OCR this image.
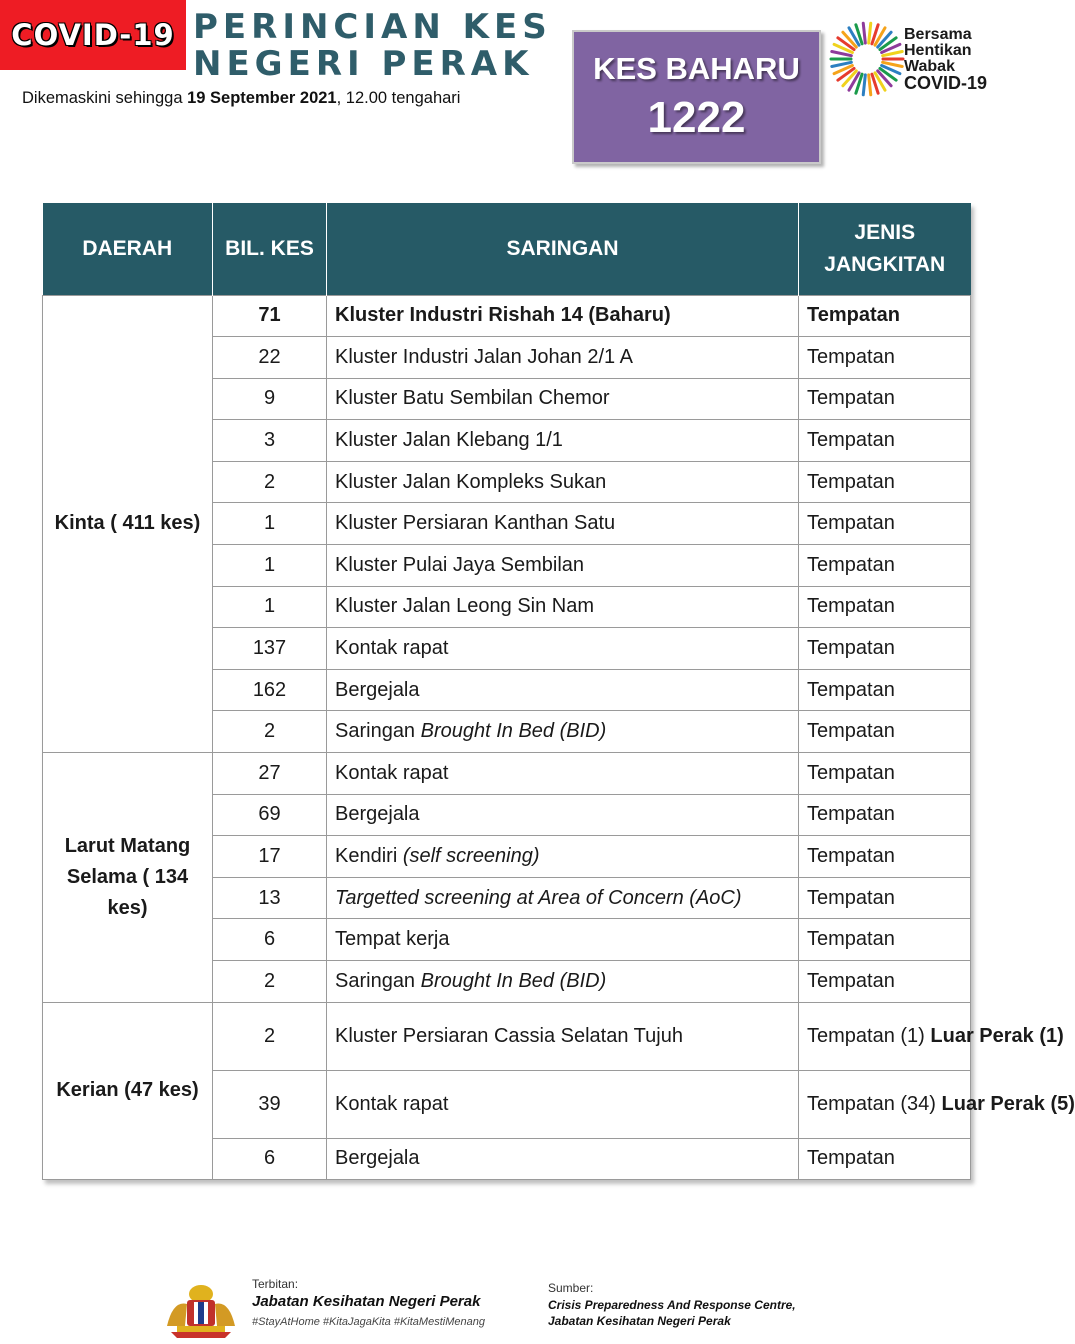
COVID-19 PERINCIAN KES
NEGERI PERAK
Dikemaskini sehingga 19 September 2021, 12.00 tengahari
KES BAHARU
1222
Bersama
Hentikan
Wabak
COVID-19
DAERAH	BIL. KES	SARINGAN	JENIS
JANGKITAN
Kinta ( 411 kes)	71	Kluster Industri Rishah 14 (Baharu)	Tempatan
	22	Kluster Industri Jalan Johan 2/1 A	Tempatan
	9	Kluster Batu Sembilan Chemor	Tempatan
	3	Kluster Jalan Klebang 1/1	Tempatan
	2	Kluster Jalan Kompleks Sukan	Tempatan
	1	Kluster Persiaran Kanthan Satu	Tempatan
	1	Kluster Pulai Jaya Sembilan	Tempatan
	1	Kluster Jalan Leong Sin Nam	Tempatan
	137	Kontak rapat	Tempatan
	162	Bergejala	Tempatan
	2	Saringan Brought In Bed (BID)	Tempatan
Larut Matang Selama ( 134 kes)	27	Kontak rapat	Tempatan
	69	Bergejala	Tempatan
	17	Kendiri (self screening)	Tempatan
	13	Targetted screening at Area of Concern (AoC)	Tempatan
	6	Tempat kerja	Tempatan
	2	Saringan Brought In Bed (BID)	Tempatan
Kerian (47 kes)	2	Kluster Persiaran Cassia Selatan Tujuh	Tempatan (1) Luar Perak (1)
	39	Kontak rapat	Tempatan (34) Luar Perak (5)
	6	Bergejala	Tempatan
Terbitan:
Jabatan Kesihatan Negeri Perak
#StayAtHome #KitaJagaKita #KitaMestiMenang
Sumber:
Crisis Preparedness And Response Centre,
Jabatan Kesihatan Negeri Perak
